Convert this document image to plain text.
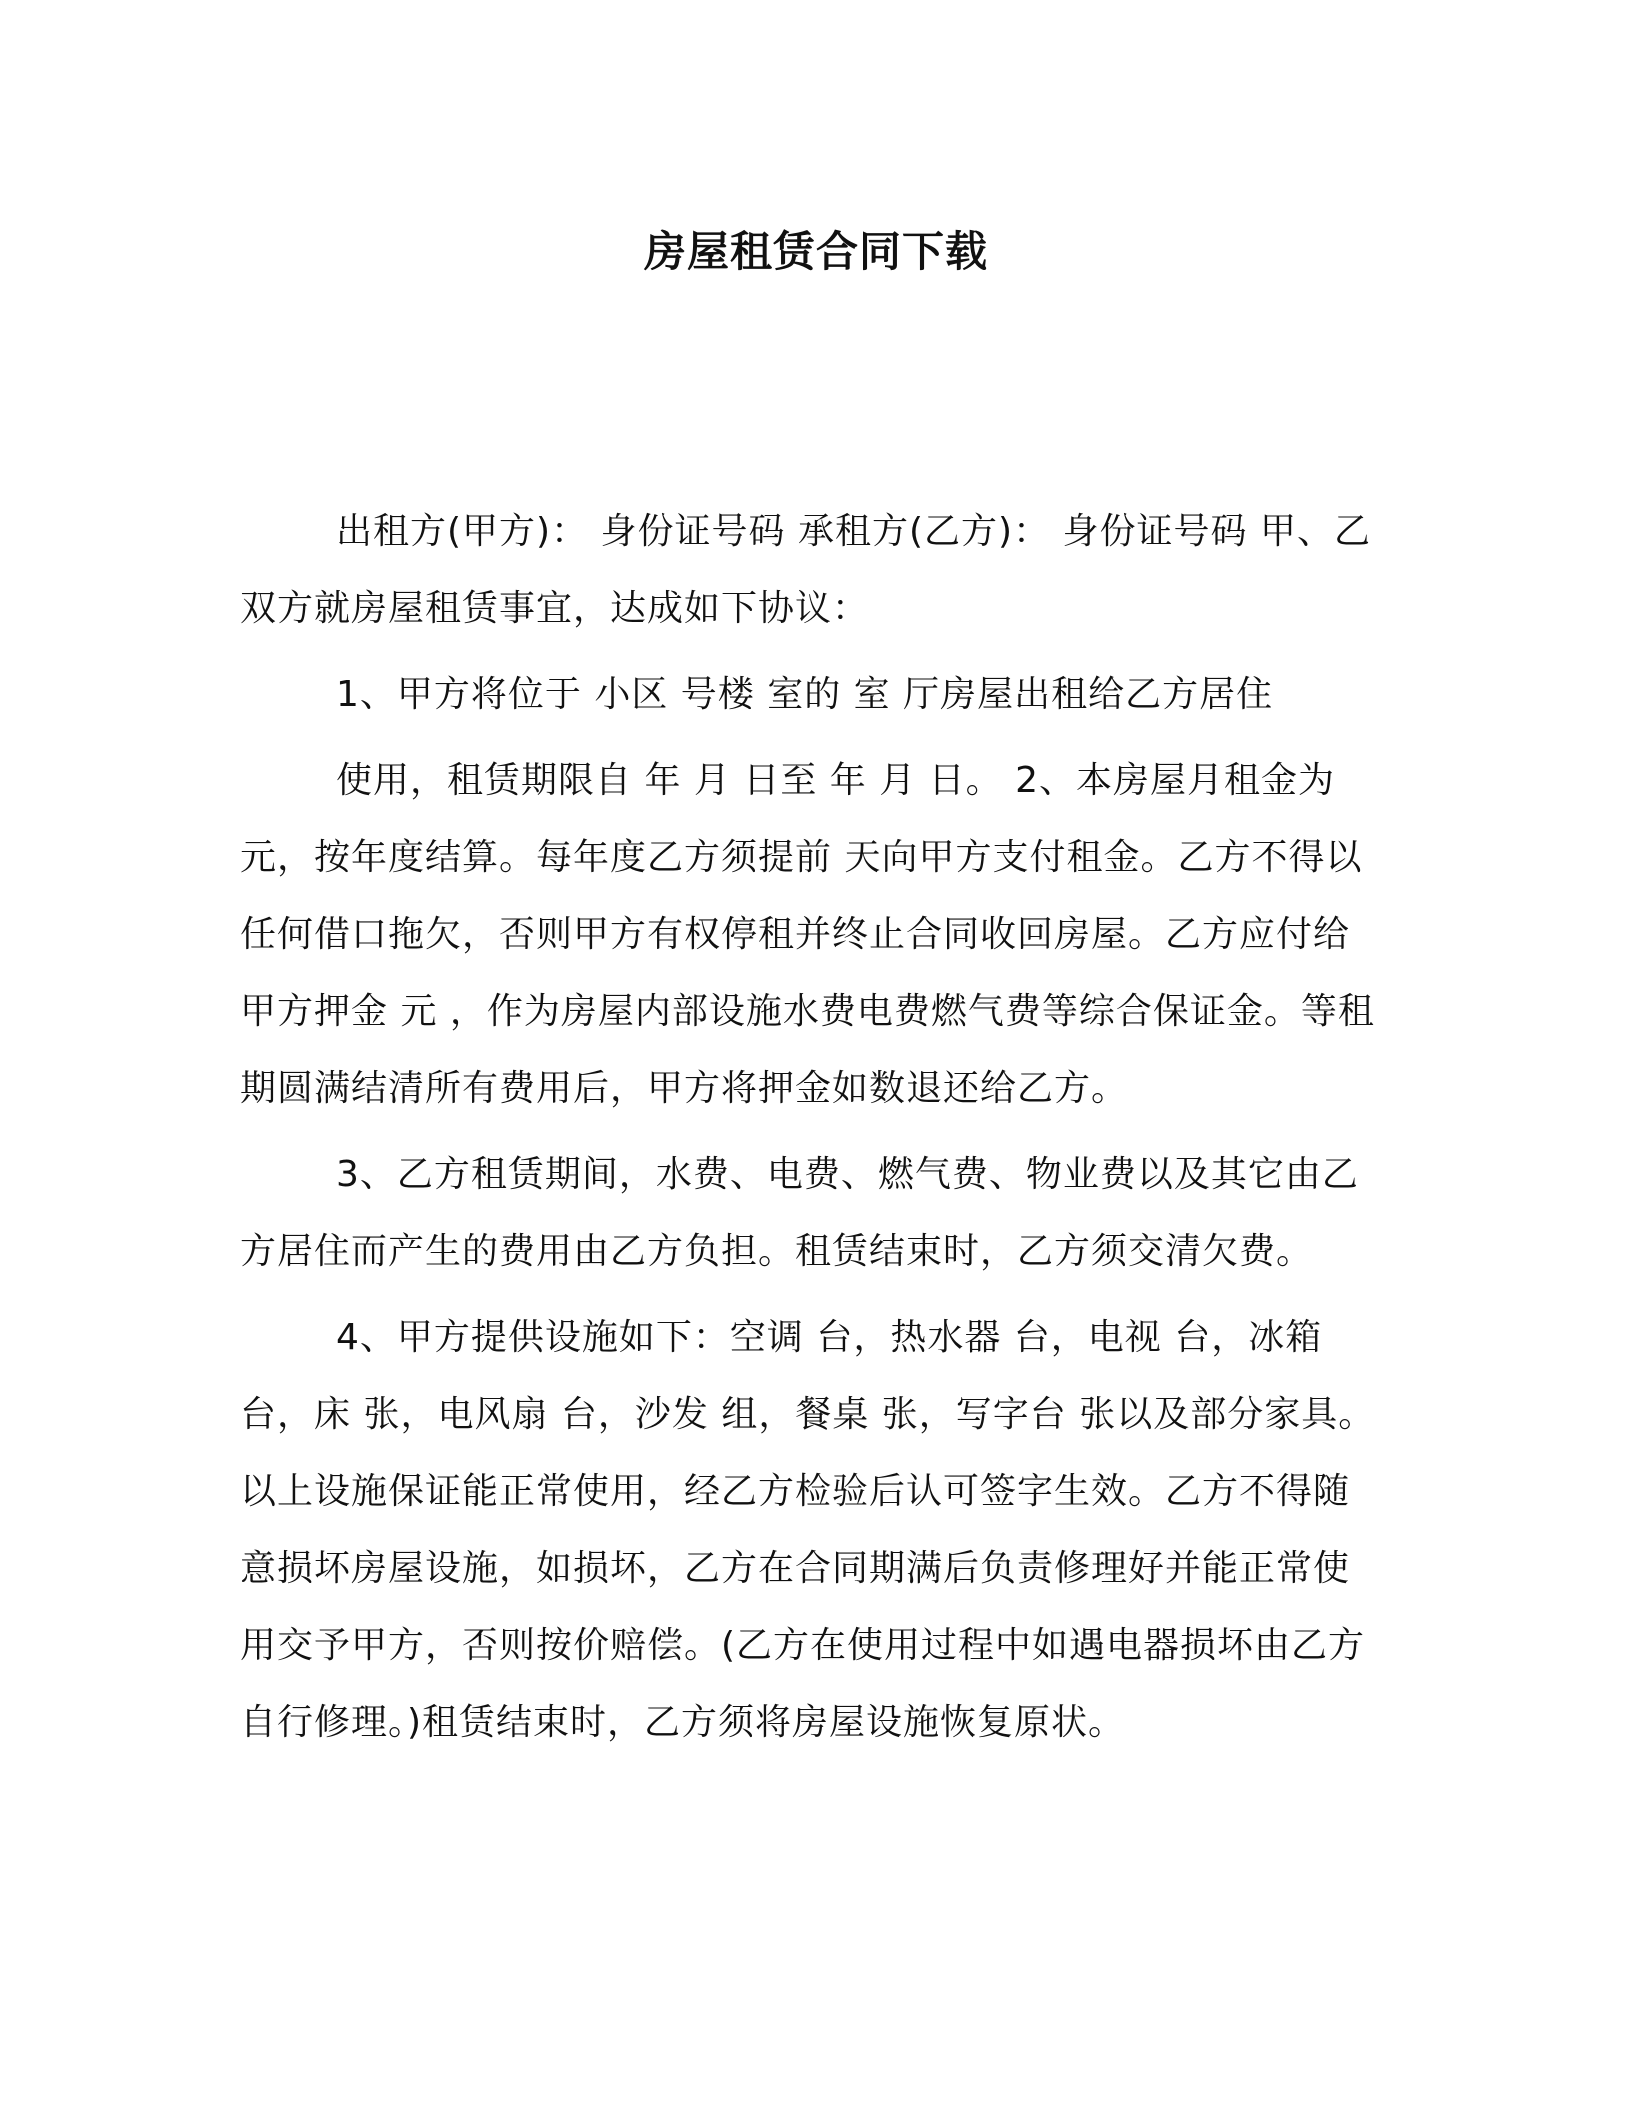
房屋租赁合同下载

出租方(甲方)： 身份证号码 承租方(乙方)： 身份证号码 甲、乙双方就房屋租赁事宜，达成如下协议：

1、甲方将位于 小区 号楼 室的 室 厅房屋出租给乙方居住

使用，租赁期限自 年 月 日至 年 月 日。 2、本房屋月租金为 元，按年度结算。每年度乙方须提前 天向甲方支付租金。乙方不得以任何借口拖欠，否则甲方有权停租并终止合同收回房屋。乙方应付给甲方押金 元 ，作为房屋内部设施水费电费燃气费等综合保证金。等租期圆满结清所有费用后，甲方将押金如数退还给乙方。

3、乙方租赁期间，水费、电费、燃气费、物业费以及其它由乙方居住而产生的费用由乙方负担。租赁结束时，乙方须交清欠费。

4、甲方提供设施如下：空调 台，热水器 台，电视 台，冰箱 台，床 张，电风扇 台，沙发 组，餐桌 张，写字台 张以及部分家具。以上设施保证能正常使用，经乙方检验后认可签字生效。乙方不得随意损坏房屋设施，如损坏，乙方在合同期满后负责修理好并能正常使用交予甲方，否则按价赔偿。(乙方在使用过程中如遇电器损坏由乙方自行修理。)租赁结束时，乙方须将房屋设施恢复原状。
